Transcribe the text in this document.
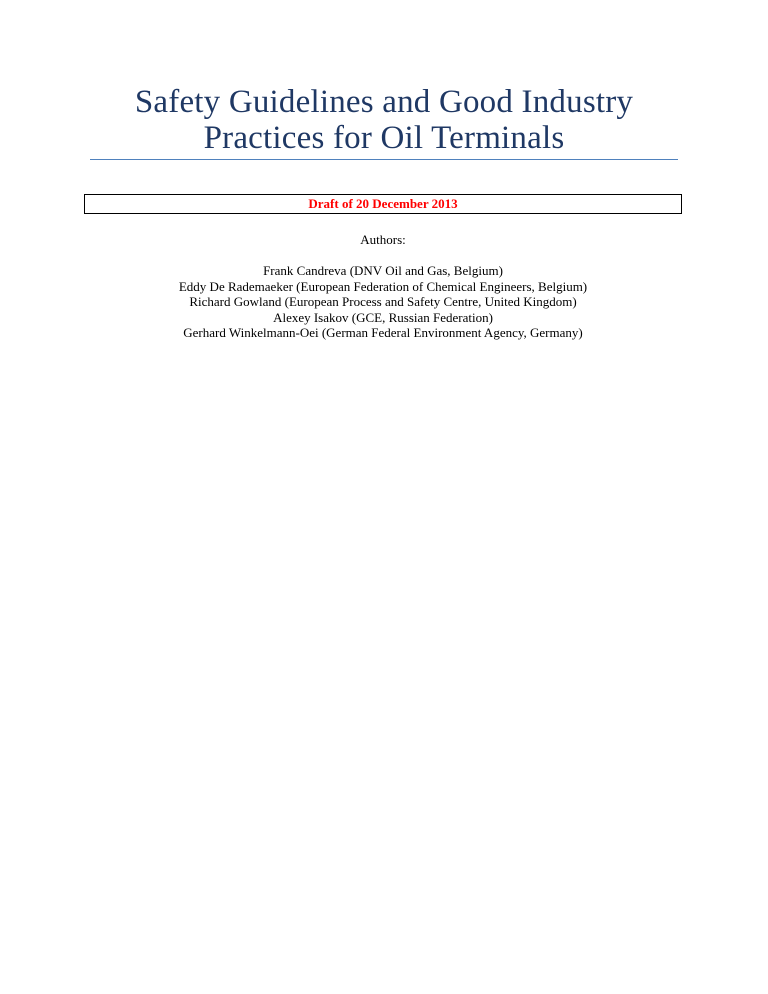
Safety Guidelines and Good Industry
Practices for Oil Terminals
Draft of 20 December 2013
Authors:
Frank Candreva (DNV Oil and Gas, Belgium)
Eddy De Rademaeker (European Federation of Chemical Engineers, Belgium)
Richard Gowland (European Process and Safety Centre, United Kingdom)
Alexey Isakov (GCE, Russian Federation)
Gerhard Winkelmann-Oei (German Federal Environment Agency, Germany)
